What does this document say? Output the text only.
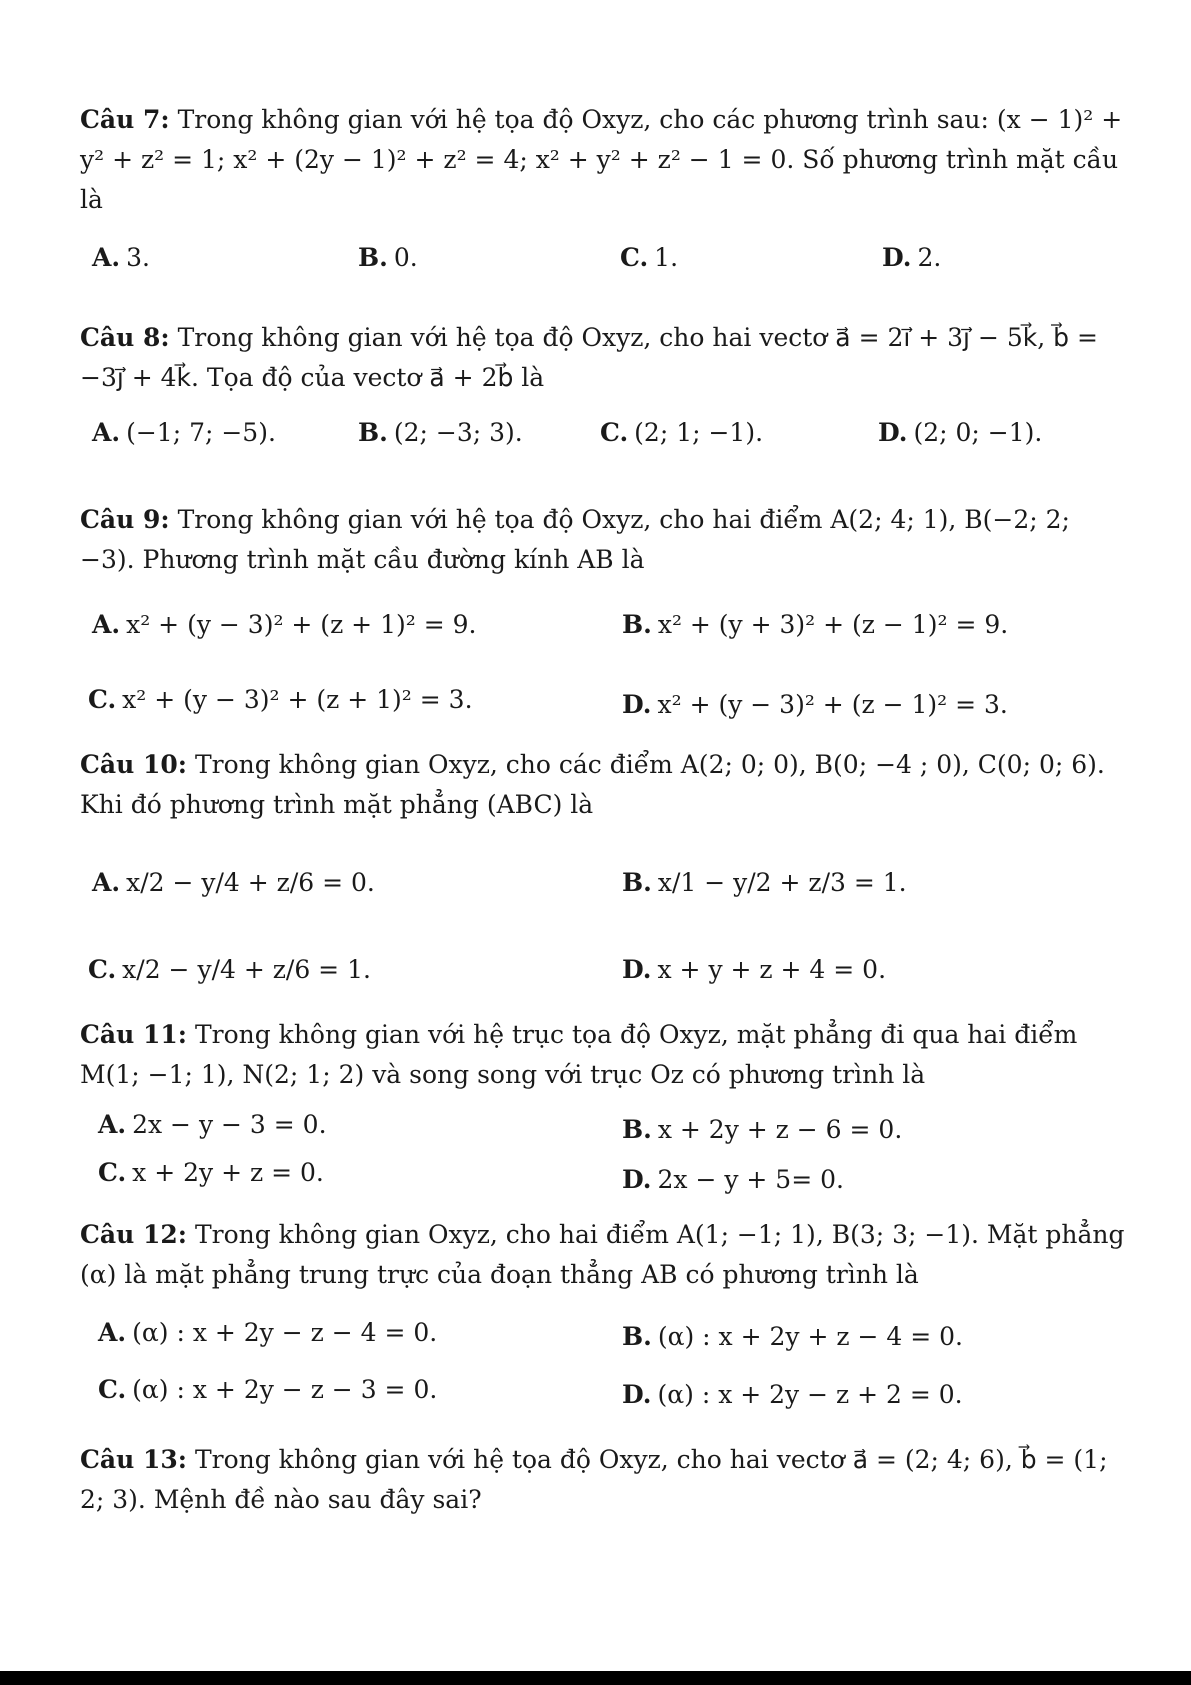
Câu 7: Trong không gian với hệ tọa độ Oxyz, cho các phương trình sau: (x − 1)² + y² + z² = 1; x² + (2y − 1)² + z² = 4; x² + y² + z² − 1 = 0. Số phương trình mặt cầu là
A. 3.	B. 0.	C. 1.	D. 2.
Câu 8: Trong không gian với hệ tọa độ Oxyz, cho hai vectơ a⃗ = 2i⃗ + 3j⃗ − 5k⃗, b⃗ = −3j⃗ + 4k⃗. Tọa độ của vectơ a⃗ + 2b⃗ là
A. (−1; 7; −5).	B. (2; −3; 3).	C. (2; 1; −1).	D. (2; 0; −1).
Câu 9: Trong không gian với hệ tọa độ Oxyz, cho hai điểm A(2; 4; 1), B(−2; 2; −3). Phương trình mặt cầu đường kính AB là
A. x² + (y − 3)² + (z + 1)² = 9.	B. x² + (y + 3)² + (z − 1)² = 9.
C. x² + (y − 3)² + (z + 1)² = 3.	D. x² + (y − 3)² + (z − 1)² = 3.
Câu 10: Trong không gian Oxyz, cho các điểm A(2; 0; 0), B(0; −4 ; 0), C(0; 0; 6). Khi đó phương trình mặt phẳng (ABC) là
A. x/2 − y/4 + z/6 = 0.	B. x/1 − y/2 + z/3 = 1.
C. x/2 − y/4 + z/6 = 1.	D. x + y + z + 4 = 0.
Câu 11: Trong không gian với hệ trục tọa độ Oxyz, mặt phẳng đi qua hai điểm M(1; −1; 1), N(2; 1; 2) và song song với trục Oz có phương trình là
A. 2x − y − 3 = 0.	B. x + 2y + z − 6 = 0.
C. x + 2y + z = 0.	D. 2x − y + 5= 0.
Câu 12: Trong không gian Oxyz, cho hai điểm A(1; −1; 1), B(3; 3; −1). Mặt phẳng (α) là mặt phẳng trung trực của đoạn thẳng AB có phương trình là
A. (α) : x + 2y − z − 4 = 0.	B. (α) : x + 2y + z − 4 = 0.
C. (α) : x + 2y − z − 3 = 0.	D. (α) : x + 2y − z + 2 = 0.
Câu 13: Trong không gian với hệ tọa độ Oxyz, cho hai vectơ a⃗ = (2; 4; 6), b⃗ = (1; 2; 3). Mệnh đề nào sau đây sai?
